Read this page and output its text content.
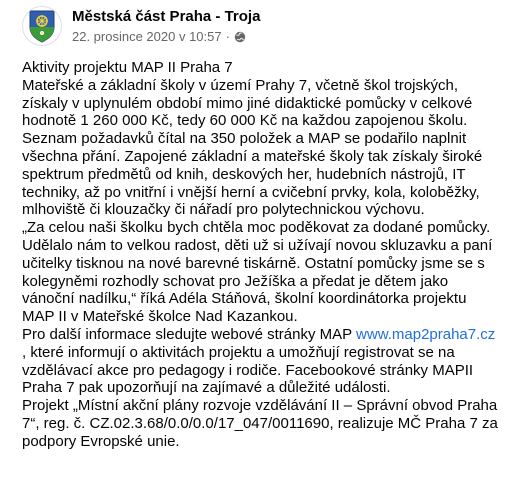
Městská část Praha - Troja
22. prosince 2020 v 10:57 ·

Aktivity projektu MAP II Praha 7

Mateřské a základní školy v území Prahy 7, včetně škol trojských, získaly v uplynulém období mimo jiné didaktické pomůcky v celkové hodnotě 1 260 000 Kč, tedy 60 000 Kč na každou zapojenou školu.

Seznam požadavků čítal na 350 položek a MAP se podařilo naplnit všechna přání. Zapojené základní a mateřské školy tak získaly široké spektrum předmětů od knih, deskových her, hudebních nástrojů, IT techniky, až po vnitřní i vnější herní a cvičební prvky, kola, koloběžky, mlhoviště či klouzačky či nářadí pro polytechnickou výchovu.

„Za celou naši školku bych chtěla moc poděkovat za dodané pomůcky. Udělalo nám to velkou radost, děti už si užívají novou skluzavku a paní učitelky tisknou na nové barevné tiskárně. Ostatní pomůcky jsme se s kolegyněmi rozhodly schovat pro Ježíška a předat je dětem jako vánoční nadílku,“ říká Adéla Stáňová, školní koordinátorka projektu MAP II v Mateřské školce Nad Kazankou.

Pro další informace sledujte webové stránky MAP www.map2praha7.cz , které informují o aktivitách projektu a umožňují registrovat se na vzdělávací akce pro pedagogy i rodiče. Facebookové stránky MAPII Praha 7 pak upozorňují na zajímavé a důležité události.

Projekt „Místní akční plány rozvoje vzdělávání II – Správní obvod Praha 7“, reg. č. CZ.02.3.68/0.0/0.0/17_047/0011690, realizuje MČ Praha 7 za podpory Evropské unie.
